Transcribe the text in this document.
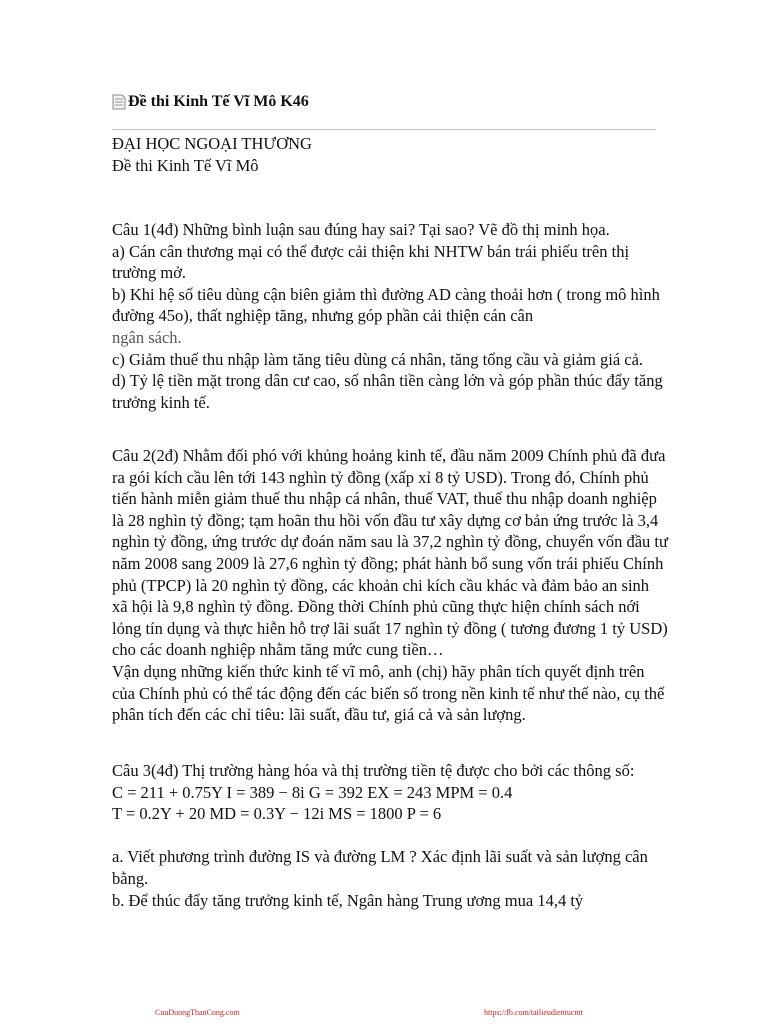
Đề thi Kinh Tế Vĩ Mô K46

ĐẠI HỌC NGOẠI THƯƠNG

Đề thi Kinh Tế Vĩ Mô

Câu 1(4đ) Những bình luận sau đúng hay sai? Tại sao? Vẽ đồ thị minh họa.

a) Cán cân thương mại có thể được cải thiện khi NHTW bán trái phiếu trên thị trường mở.

b) Khi hệ số tiêu dùng cận biên giảm thì đường AD càng thoải hơn ( trong mô hình đường 45o), thất nghiệp tăng, nhưng góp phần cải thiện cán cân

ngân sách.

c) Giảm thuế thu nhập làm tăng tiêu dùng cá nhân, tăng tổng cầu và giảm giá cả.

d) Tỷ lệ tiền mặt trong dân cư cao, số nhân tiền càng lớn và góp phần thúc đẩy tăng trưởng kinh tế.

Câu 2(2đ) Nhằm đối phó với khủng hoảng kinh tế, đầu năm 2009 Chính phủ đã đưa ra gói kích cầu lên tới 143 nghìn tỷ đồng (xấp xỉ 8 tỷ USD). Trong đó, Chính phủ tiến hành miễn giảm thuế thu nhập cá nhân, thuế VAT, thuế thu nhập doanh nghiệp là 28 nghìn tỷ đồng; tạm hoãn thu hồi vốn đầu tư xây dựng cơ bản ứng trước là 3,4 nghìn tỷ đồng, ứng trước dự đoán năm sau là 37,2 nghìn tỷ đồng, chuyển vốn đầu tư năm 2008 sang 2009 là 27,6 nghìn tỷ đồng; phát hành bổ sung vốn trái phiếu Chính phủ (TPCP) là 20 nghìn tỷ đồng, các khoản chi kích cầu khác và đảm bảo an sinh xã hội là 9,8 nghìn tỷ đồng. Đồng thời Chính phủ cũng thực hiện chính sách nới lỏng tín dụng và thực hiễn hỗ trợ lãi suất 17 nghìn tỷ đồng ( tương đương 1 tỷ USD) cho các doanh nghiệp nhằm tăng mức cung tiền…

Vận dụng những kiến thức kinh tế vĩ mô, anh (chị) hãy phân tích quyết định trên của Chính phủ có thể tác động đến các biến số trong nền kinh tế như thế nào, cụ thể phân tích đến các chỉ tiêu: lãi suất, đầu tư, giá cả và sản lượng.

Câu 3(4đ) Thị trường hàng hóa và thị trường tiền tệ được cho bởi các thông số:

C = 211 + 0.75Y I = 389 − 8i G = 392 EX = 243 MPM = 0.4

T = 0.2Y + 20 MD = 0.3Y − 12i MS = 1800 P = 6

a. Viết phương trình đường IS và đường LM ? Xác định lãi suất và sản lượng cân bằng.

b. Để thúc đẩy tăng trưởng kinh tế, Ngân hàng Trung ương mua 14,4 tỷ

CuuDuongThanCong.com	https://fb.com/tailieudientucntt
